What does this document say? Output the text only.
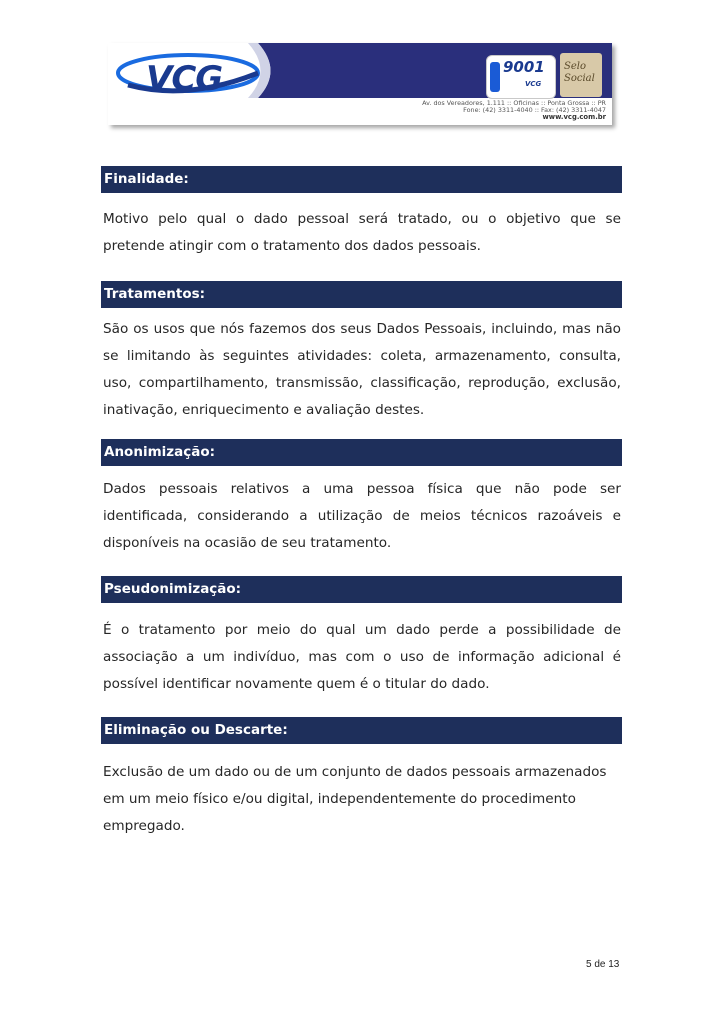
VCG	9001
VCG
Selo Social
Av. dos Vereadores, 1.111 :: Oficinas :: Ponta Grossa :: PR
Fone: (42) 3311-4040 :: Fax: (42) 3311-4047
www.vcg.com.br
Finalidade:
Motivo pelo qual o dado pessoal será tratado, ou o objetivo que se pretende atingir com o tratamento dos dados pessoais.
Tratamentos:
São os usos que nós fazemos dos seus Dados Pessoais, incluindo, mas não se limitando às seguintes atividades: coleta, armazenamento, consulta, uso, compartilhamento, transmissão, classificação, reprodução, exclusão, inativação, enriquecimento e avaliação destes.
Anonimização:
Dados pessoais relativos a uma pessoa física que não pode ser identificada, considerando a utilização de meios técnicos razoáveis e disponíveis na ocasião de seu tratamento.
Pseudonimização:
É o tratamento por meio do qual um dado perde a possibilidade de associação a um indivíduo, mas com o uso de informação adicional é possível identificar novamente quem é o titular do dado.
Eliminação ou Descarte:
Exclusão de um dado ou de um conjunto de dados pessoais armazenados em um meio físico e/ou digital, independentemente do procedimento empregado.
5 de 13
